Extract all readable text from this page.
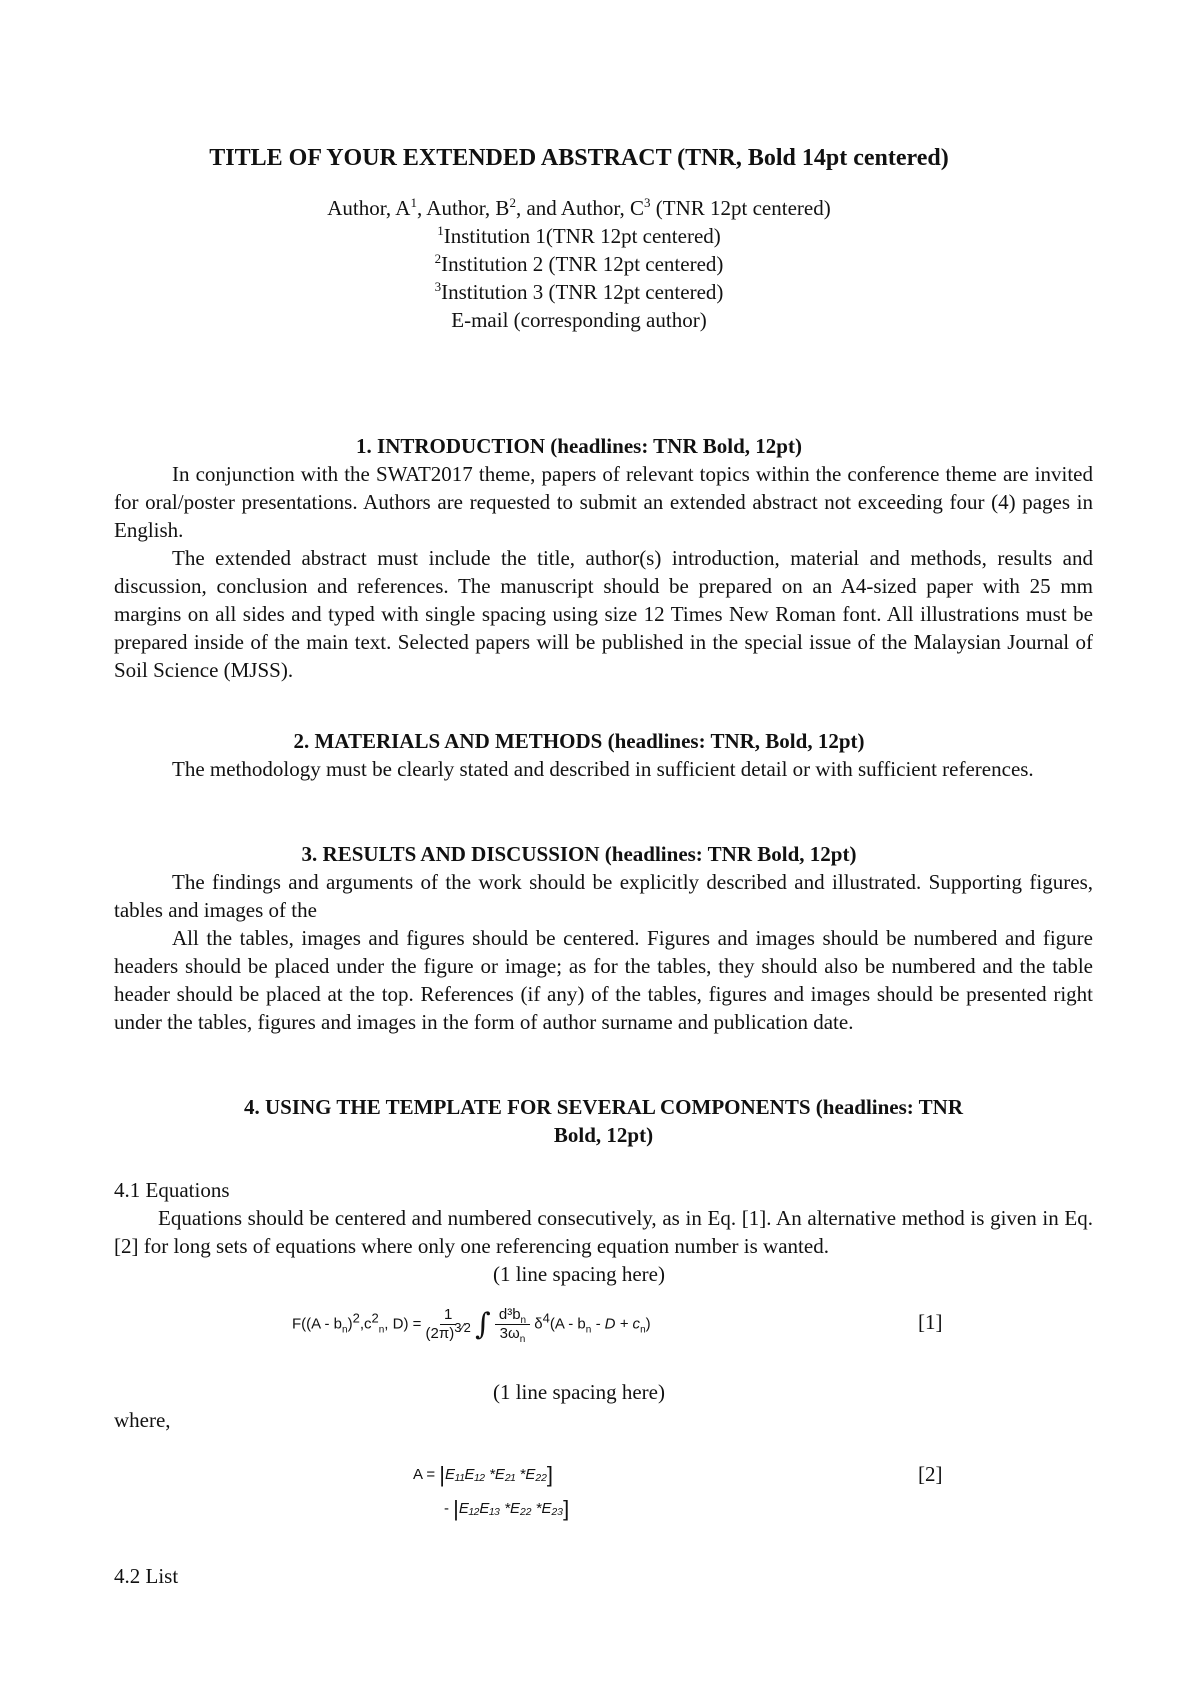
TITLE OF YOUR EXTENDED ABSTRACT (TNR, Bold 14pt centered)
Author, $A^1$, Author, $B^2$, and Author, $C^3$ (TNR 12pt centered)
$^1$Institution 1(TNR 12pt centered)
$^2$Institution 2 (TNR 12pt centered)
$^3$Institution 3 (TNR 12pt centered)
E-mail (corresponding author)
1. INTRODUCTION (headlines: TNR Bold, 12pt)
In conjunction with the SWAT2017 theme, papers of relevant topics within the conference theme are invited for oral/poster presentations. Authors are requested to submit an extended abstract not exceeding four (4) pages in English.
The extended abstract must include the title, author(s) introduction, material and methods, results and discussion, conclusion and references. The manuscript should be prepared on an A4-sized paper with 25 mm margins on all sides and typed with single spacing using size 12 Times New Roman font. All illustrations must be prepared inside of the main text. Selected papers will be published in the special issue of the Malaysian Journal of Soil Science (MJSS).
2. MATERIALS AND METHODS (headlines: TNR, Bold, 12pt)
The methodology must be clearly stated and described in sufficient detail or with sufficient references.
3. RESULTS AND DISCUSSION (headlines: TNR Bold, 12pt)
The findings and arguments of the work should be explicitly described and illustrated. Supporting figures, tables and images of the
All the tables, images and figures should be centered. Figures and images should be numbered and figure headers should be placed under the figure or image; as for the tables, they should also be numbered and the table header should be placed at the top. References (if any) of the tables, figures and images should be presented right under the tables, figures and images in the form of author surname and publication date.
4. USING THE TEMPLATE FOR SEVERAL COMPONENTS (headlines: TNR
Bold, 12pt)
4.1 Equations
Equations should be centered and numbered consecutively, as in Eq. [1]. An alternative method is given in Eq. [2] for long sets of equations where only one referencing equation number is wanted.
(1 line spacing here)
$F((A - b_n)^2,c^2_n$, $D) = \frac{1}{(2\pi)^{3⁄2}}$ ∫ $\frac{d^3b_n}{3\omega_n} \delta^4(A - b_n - D + c_n)$	[1]
(1 line spacing here)
where,
A = |E₁₁E₁₂ *E₂₁ *E₂₂]	[2]
- |E₁₂E₁₃ *E₂₂ *E₂₃]
4.2 List
